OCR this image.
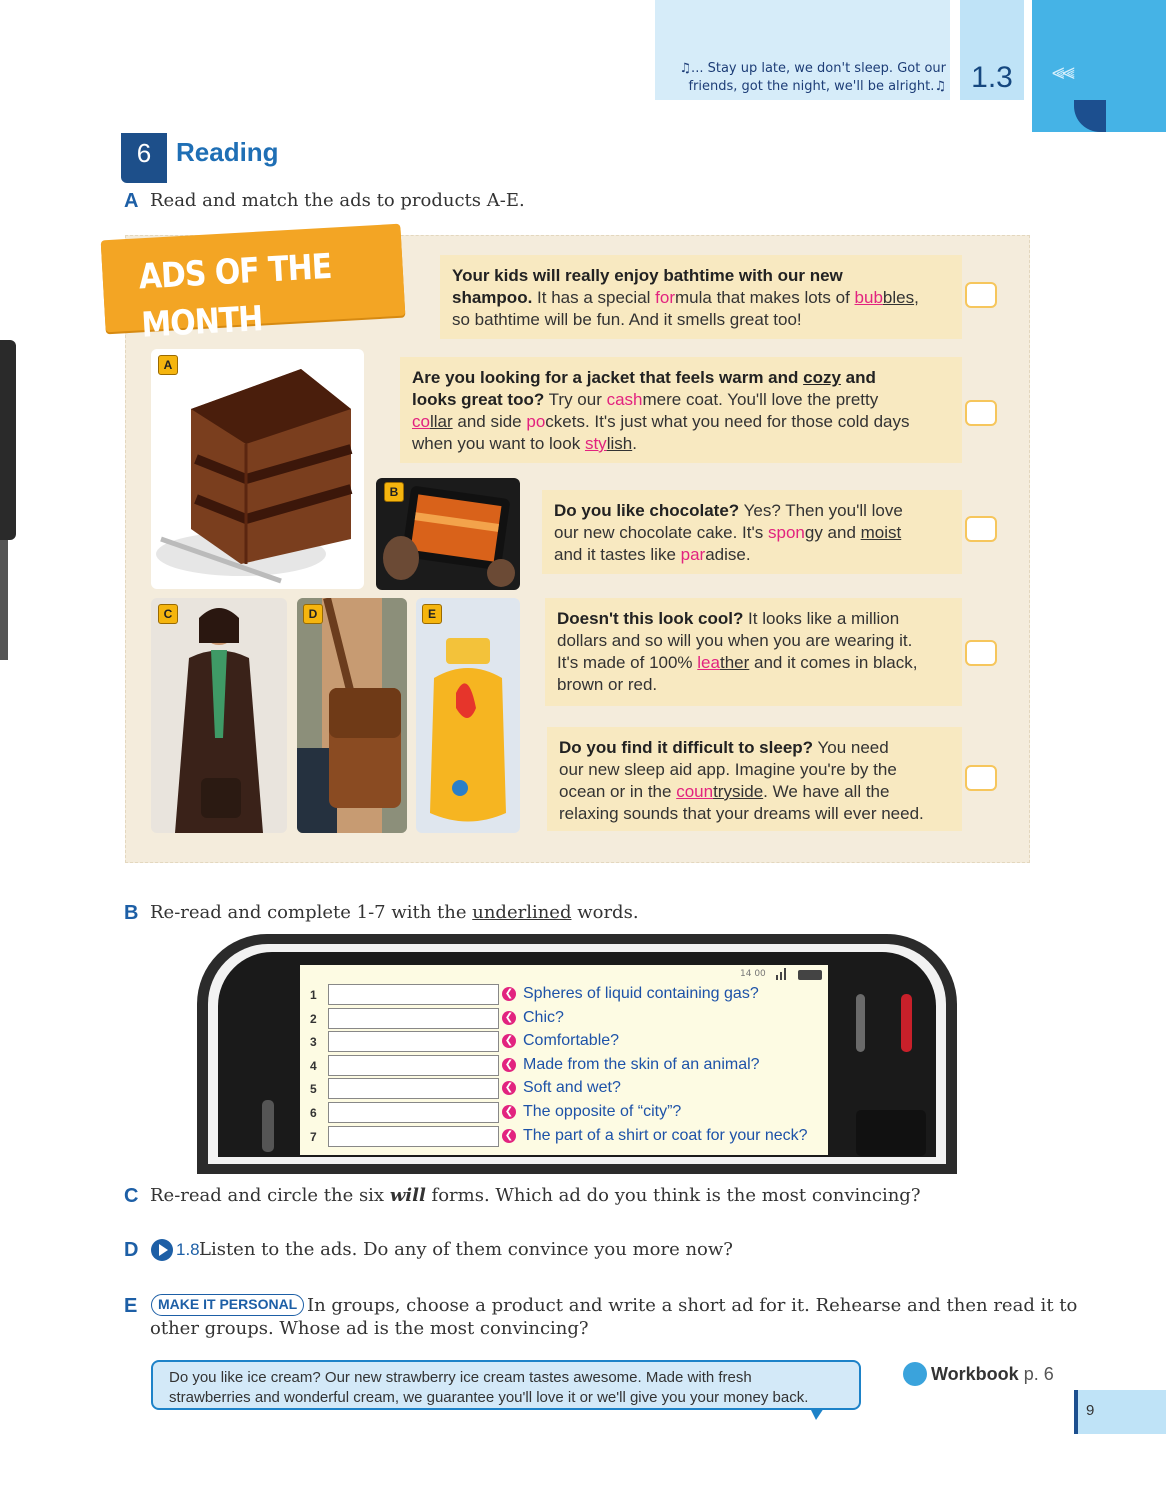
♫... Stay up late, we don't sleep. Got our friends, got the night, we'll be alright.♫ 1.3	⫷⫷
6 Reading
A Read and match the ads to products A-E.
ADS OF THE MONTH
A
B
C	D	E
Your kids will really enjoy bathtime with our new
shampoo. It has a special formula that makes lots of bubbles,
so bathtime will be fun. And it smells great too!
Are you looking for a jacket that feels warm and cozy and
looks great too? Try our cashmere coat. You'll love the pretty
collar and side pockets. It's just what you need for those cold days
when you want to look stylish.
Do you like chocolate? Yes? Then you'll love
our new chocolate cake. It's spongy and moist
and it tastes like paradise.
Doesn't this look cool? It looks like a million
dollars and so will you when you are wearing it.
It's made of 100% leather and it comes in black,
brown or red.
Do you find it difficult to sleep? You need
our new sleep aid app. Imagine you're by the
ocean or in the countryside. We have all the
relaxing sounds that your dreams will ever need.
B Re-read and complete 1-7 with the underlined words.
14 00
1	❮ Spheres of liquid containing gas?
2	❮ Chic?
3	❮ Comfortable?
4	❮ Made from the skin of an animal?
5	❮ Soft and wet?
6	❮ The opposite of “city”?
7	❮ The part of a shirt or coat for your neck?
C Re-read and circle the six will forms. Which ad do you think is the most convincing?
D 1.8 Listen to the ads. Do any of them convince you more now?
E	MAKE IT PERSONAL In groups, choose a product and write a short ad for it. Rehearse and then read it to
other groups. Whose ad is the most convincing?
Do you like ice cream? Our new strawberry ice cream tastes awesome. Made with fresh
strawberries and wonderful cream, we guarantee you'll love it or we'll give you your money back.
Workbook p. 6
9
